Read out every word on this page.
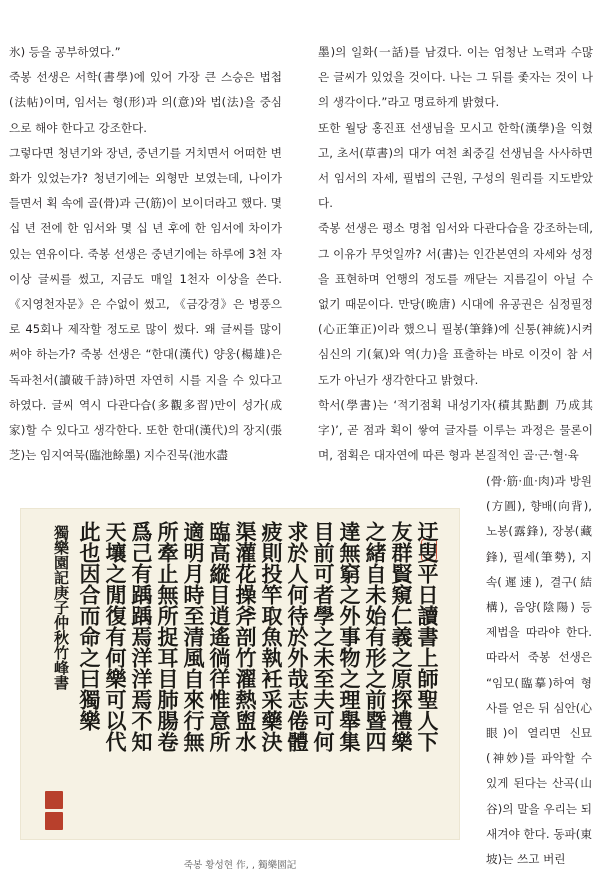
氷) 등을 공부하였다.”

죽봉 선생은 서학(書學)에 있어 가장 큰 스승은 법첩(法帖)이며, 임서는 형(形)과 의(意)와 법(法)을 중심으로 해야 한다고 강조한다.

그렇다면 청년기와 장년, 중년기를 거치면서 어떠한 변화가 있었는가? 청년기에는 외형만 보였는데, 나이가 들면서 획 속에 골(骨)과 근(筋)이 보이더라고 했다. 몇 십 년 전에 한 임서와 몇 십 년 후에 한 임서에 차이가 있는 연유이다. 죽봉 선생은 중년기에는 하루에 3천 자 이상 글씨를 썼고, 지금도 매일 1천자 이상을 쓴다. 《지영천자문》은 수없이 썼고, 《금강경》은 병풍으로 45회나 제작할 정도로 많이 썼다. 왜 글씨를 많이 써야 하는가? 죽봉 선생은 “한대(漢代) 양웅(楊雄)은 독파천서(讀破千詩)하면 자연히 시를 지을 수 있다고 하였다. 글씨 역시 다관다습(多觀多習)만이 성가(成家)할 수 있다고 생각한다. 또한 한대(漢代)의 장지(張芝)는 임지여묵(臨池餘墨) 지수진묵(池水盡

墨)의 일화(一話)를 남겼다. 이는 엄청난 노력과 수많은 글씨가 있었을 것이다. 나는 그 뒤를 좇자는 것이 나의 생각이다.”라고 명료하게 밝혔다.

또한 월당 홍진표 선생님을 모시고 한학(漢學)을 익혔고, 초서(草書)의 대가 여천 최중길 선생님을 사사하면서 임서의 자세, 필법의 근원, 구성의 원리를 지도받았다.

죽봉 선생은 평소 명첩 임서와 다관다습을 강조하는데, 그 이유가 무엇일까? 서(書)는 인간본연의 자세와 성정을 표현하며 언행의 정도를 깨닫는 지름길이 아닐 수 없기 때문이다. 만당(晩唐) 시대에 유공권은 심정필정(心正筆正)이라 했으니 필봉(筆鋒)에 신통(神統)시켜 심신의 기(氣)와 역(力)을 표출하는 바로 이것이 참 서도가 아닌가 생각한다고 밝혔다.

학서(學書)는 ‘적기점획 내성기자(積其點劃 乃成其字)’, 곧 점과 획이 쌓여 글자를 이루는 과정은 물론이며, 점획은 대자연에 따른 형과 본질적인 골·근·혈·육

(骨·筋·血·肉)과 방원(方圓), 향배(向背), 노봉(露鋒), 장봉(藏鋒), 필세(筆勢), 지속(遲速), 결구(結構), 음양(陰陽) 등 제법을 따라야 한다. 따라서 죽봉 선생은 “임모(臨摹)하여 형사를 얻은 뒤 심안(心眼)이 열리면 신묘(神妙)를 파악할 수 있게 된다는 산곡(山谷)의 말을 우리는 되새겨야 한다. 동파(東坡)는 쓰고 버린

迂叟平日讀書上師聖人下
友群賢窺仁義之原探禮樂
之緒自未始有形之前暨四
達無窮之外事物之理舉集
目前可者學之未至夫可何
求於人何待於外哉志倦體
疲則投竿取魚執衽采藥決
渠灌花操斧剖竹濯熱盥水
臨高縱目逍遙徜徉惟意所
適明月時至清風自來行無
所牽止無所捉耳目肺腸卷
爲己有踽踽焉洋洋焉不知
天壤之閒復有何樂可以代
此也因合而命之曰獨樂
獨樂園記庚子仲秋竹峰書
죽봉 황성현 作, , 獨樂園記
